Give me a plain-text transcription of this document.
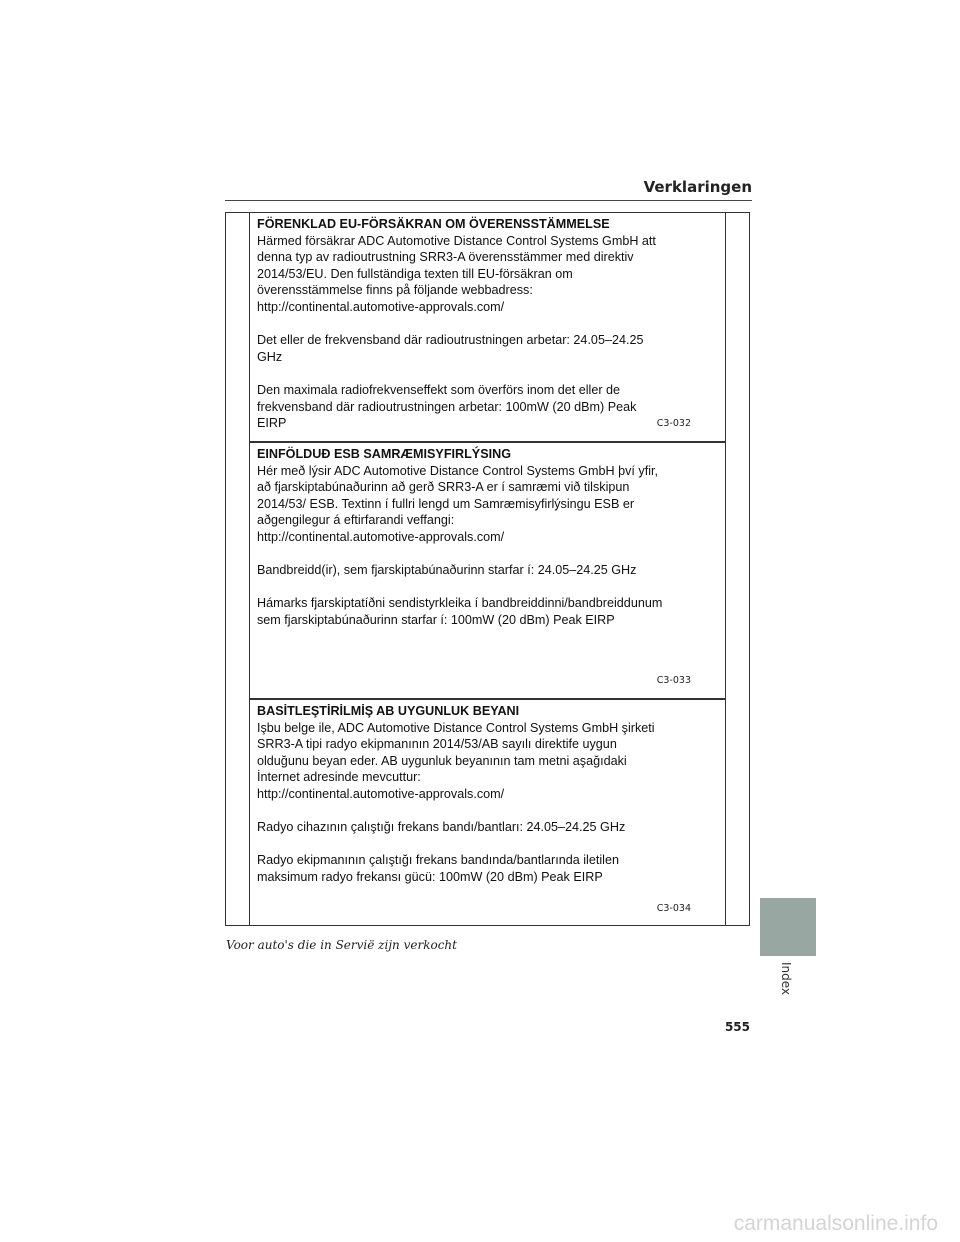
Verklaringen
FÖRENKLAD EU-FÖRSÄKRAN OM ÖVERENSSTÄMMELSE

Härmed försäkrar ADC Automotive Distance Control Systems GmbH att
denna typ av radioutrustning SRR3-A överensstämmer med direktiv
2014/53/EU. Den fullständiga texten till EU-försäkran om
överensstämmelse finns på följande webbadress:
http://continental.automotive-approvals.com/

Det eller de frekvensband där radioutrustningen arbetar: 24.05–24.25
GHz

Den maximala radiofrekvenseffekt som överförs inom det eller de
frekvensband där radioutrustningen arbetar: 100mW (20 dBm) Peak
EIRP	C3-032
EINFÖLDUÐ ESB SAMRÆMISYFIRLÝSING

Hér með lýsir ADC Automotive Distance Control Systems GmbH því yfir,
að fjarskiptabúnaðurinn að gerð SRR3-A er í samræmi við tilskipun
2014/53/ ESB. Textinn í fullri lengd um Samræmisyfirlýsingu ESB er
aðgengilegur á eftirfarandi veffangi:
http://continental.automotive-approvals.com/

Bandbreidd(ir), sem fjarskiptabúnaðurinn starfar í: 24.05–24.25 GHz

Hámarks fjarskiptatíðni sendistyrkleika í bandbreiddinni/bandbreiddunum
sem fjarskiptabúnaðurinn starfar í: 100mW (20 dBm) Peak EIRP

C3-033
BASİTLEŞTİRİLMİŞ AB UYGUNLUK BEYANI

Işbu belge ile, ADC Automotive Distance Control Systems GmbH şirketi
SRR3-A tipi radyo ekipmanının 2014/53/AB sayılı direktife uygun
olduğunu beyan eder. AB uygunluk beyanının tam metni aşağıdaki
İnternet adresinde mevcuttur:
http://continental.automotive-approvals.com/

Radyo cihazının çalıştığı frekans bandı/bantları: 24.05–24.25 GHz

Radyo ekipmanının çalıştığı frekans bandında/bantlarında iletilen
maksimum radyo frekansı gücü: 100mW (20 dBm) Peak EIRP

C3-034
Voor auto's die in Servië zijn verkocht
Index
555
carmanualsonline.info
